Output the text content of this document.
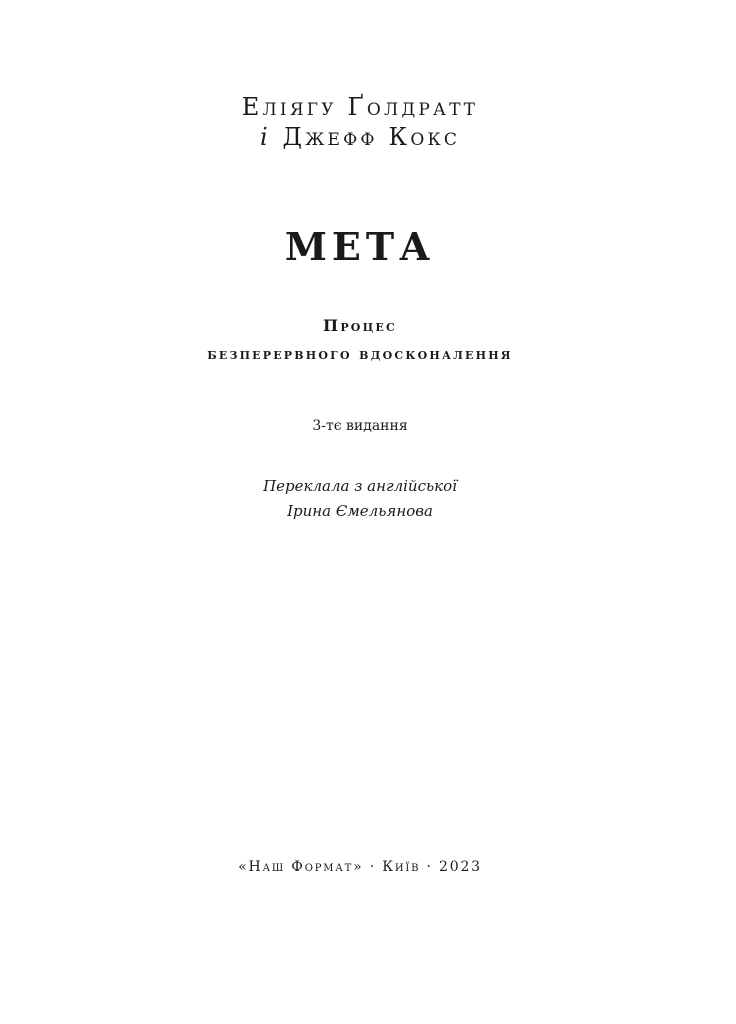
Еліягу Ґолдратт
і Джефф Кокс
МЕТА
Процес
безперервного вдосконалення
3-тє видання
Переклала з англійської
Ірина Ємельянова
«Наш Формат» · Київ · 2023
